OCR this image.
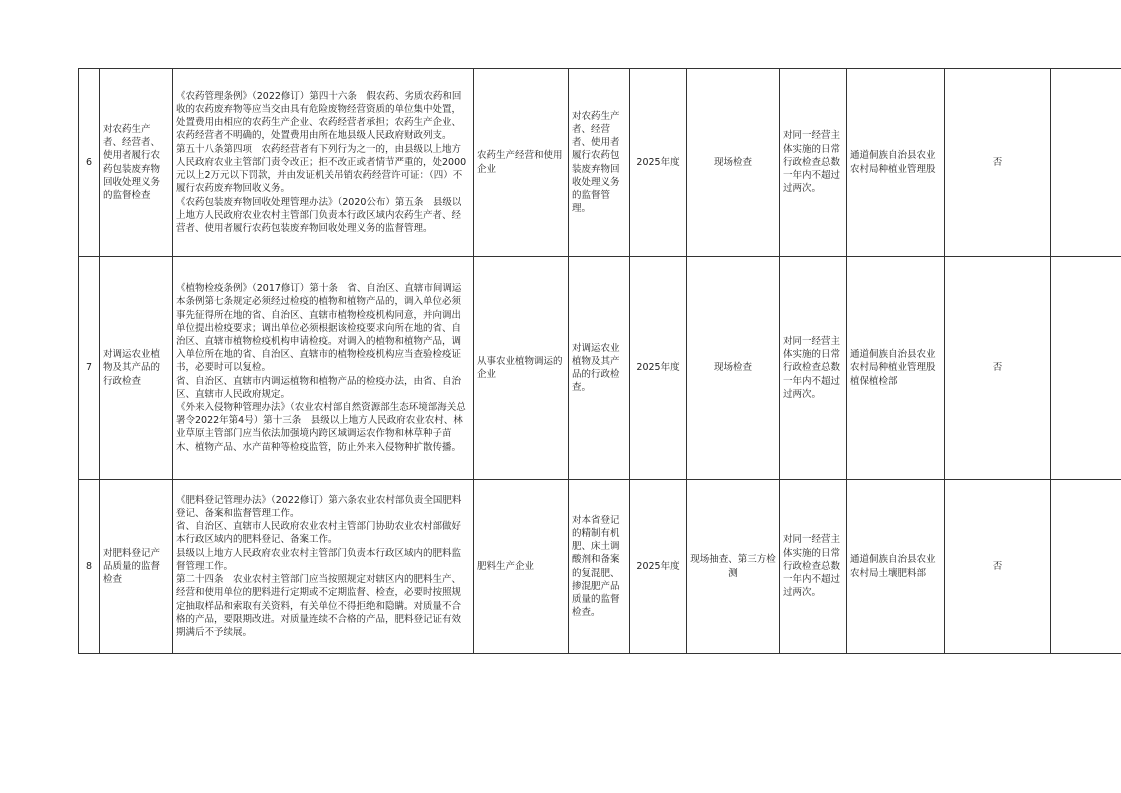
6	对农药生产者、经营者、使用者履行农药包装废弃物回收处理义务的监督检查	《农药管理条例》（2022修订）第四十六条　假农药、劣质农药和回收的农药废弃物等应当交由具有危险废物经营资质的单位集中处置，处置费用由相应的农药生产企业、农药经营者承担；农药生产企业、农药经营者不明确的，处置费用由所在地县级人民政府财政列支。
第五十八条第四项　农药经营者有下列行为之一的，由县级以上地方人民政府农业主管部门责令改正；拒不改正或者情节严重的，处2000元以上2万元以下罚款，并由发证机关吊销农药经营许可证：（四）不履行农药废弃物回收义务。
《农药包装废弃物回收处理管理办法》（2020公布）第五条　县级以上地方人民政府农业农村主管部门负责本行政区域内农药生产者、经营者、使用者履行农药包装废弃物回收处理义务的监督管理。	农药生产经营和使用企业	对农药生产者、经营者、使用者履行农药包装废弃物回收处理义务的监督管理。	2025年度	现场检查	对同一经营主体实施的日常行政检查总数一年内不超过过两次。	通道侗族自治县农业农村局种植业管理股	否	
7	对调运农业植物及其产品的行政检查	《植物检疫条例》（2017修订）第十条　省、自治区、直辖市间调运本条例第七条规定必须经过检疫的植物和植物产品的，调入单位必须事先征得所在地的省、自治区、直辖市植物检疫机构同意，并向调出单位提出检疫要求；调出单位必须根据该检疫要求向所在地的省、自治区、直辖市植物检疫机构申请检疫。对调入的植物和植物产品，调入单位所在地的省、自治区、直辖市的植物检疫机构应当查验检疫证书，必要时可以复检。
省、自治区、直辖市内调运植物和植物产品的检疫办法，由省、自治区、直辖市人民政府规定。
《外来入侵物种管理办法》（农业农村部自然资源部生态环境部海关总署令2022年第4号）第十三条　县级以上地方人民政府农业农村、林业草原主管部门应当依法加强境内跨区域调运农作物和林草种子苗木、植物产品、水产苗种等检疫监管，防止外来入侵物种扩散传播。	从事农业植物调运的企业	对调运农业植物及其产品的行政检查。	2025年度	现场检查	对同一经营主体实施的日常行政检查总数一年内不超过过两次。	通道侗族自治县农业农村局种植业管理股植保植检部	否	
8	对肥料登记产品质量的监督检查	《肥料登记管理办法》（2022修订）第六条农业农村部负责全国肥料登记、备案和监督管理工作。
省、自治区、直辖市人民政府农业农村主管部门协助农业农村部做好本行政区域内的肥料登记、备案工作。
县级以上地方人民政府农业农村主管部门负责本行政区域内的肥料监督管理工作。
第二十四条　农业农村主管部门应当按照规定对辖区内的肥料生产、经营和使用单位的肥料进行定期或不定期监督、检查，必要时按照规定抽取样品和索取有关资料，有关单位不得拒绝和隐瞒。对质量不合格的产品，要限期改进。对质量连续不合格的产品，肥料登记证有效期满后不予续展。	肥料生产企业	对本省登记的精制有机肥、床土调酸剂和备案的复混肥、掺混肥产品质量的监督检查。	2025年度	现场抽查、第三方检测	对同一经营主体实施的日常行政检查总数一年内不超过过两次。	通道侗族自治县农业农村局土壤肥料部	否	
